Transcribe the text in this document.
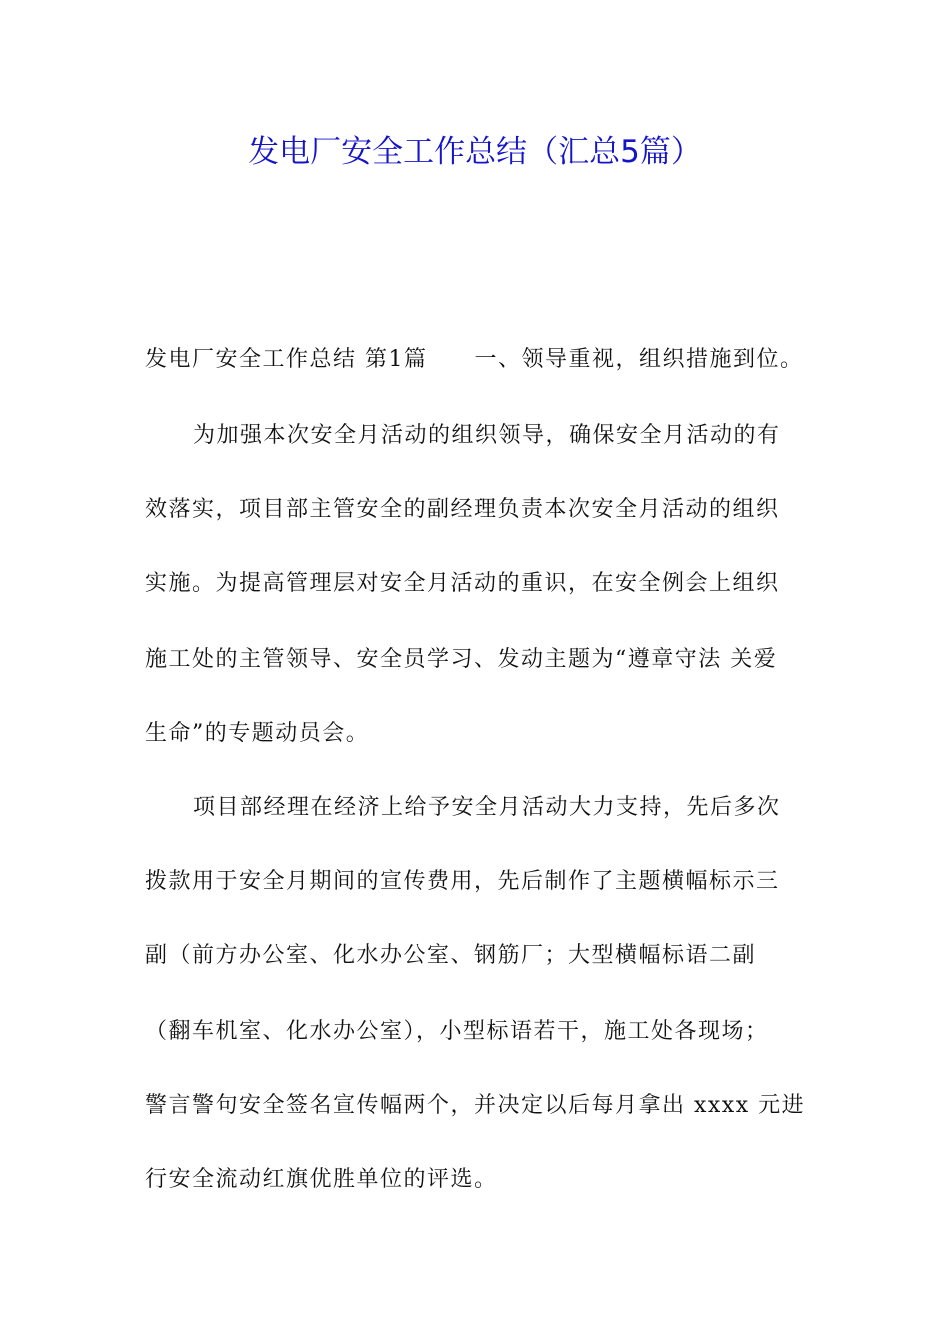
发电厂安全工作总结（汇总5篇）
发电厂安全工作总结 第1篇　　一、领导重视，组织措施到位。
为加强本次安全月活动的组织领导，确保安全月活动的有
效落实，项目部主管安全的副经理负责本次安全月活动的组织
实施。为提高管理层对安全月活动的重识，在安全例会上组织
施工处的主管领导、安全员学习、发动主题为“遵章守法 关爱
生命”的专题动员会。
项目部经理在经济上给予安全月活动大力支持，先后多次
拨款用于安全月期间的宣传费用，先后制作了主题横幅标示三
副（前方办公室、化水办公室、钢筋厂；大型横幅标语二副
（翻车机室、化水办公室），小型标语若干，施工处各现场；
警言警句安全签名宣传幅两个，并决定以后每月拿出 xxxx 元进
行安全流动红旗优胜单位的评选。
